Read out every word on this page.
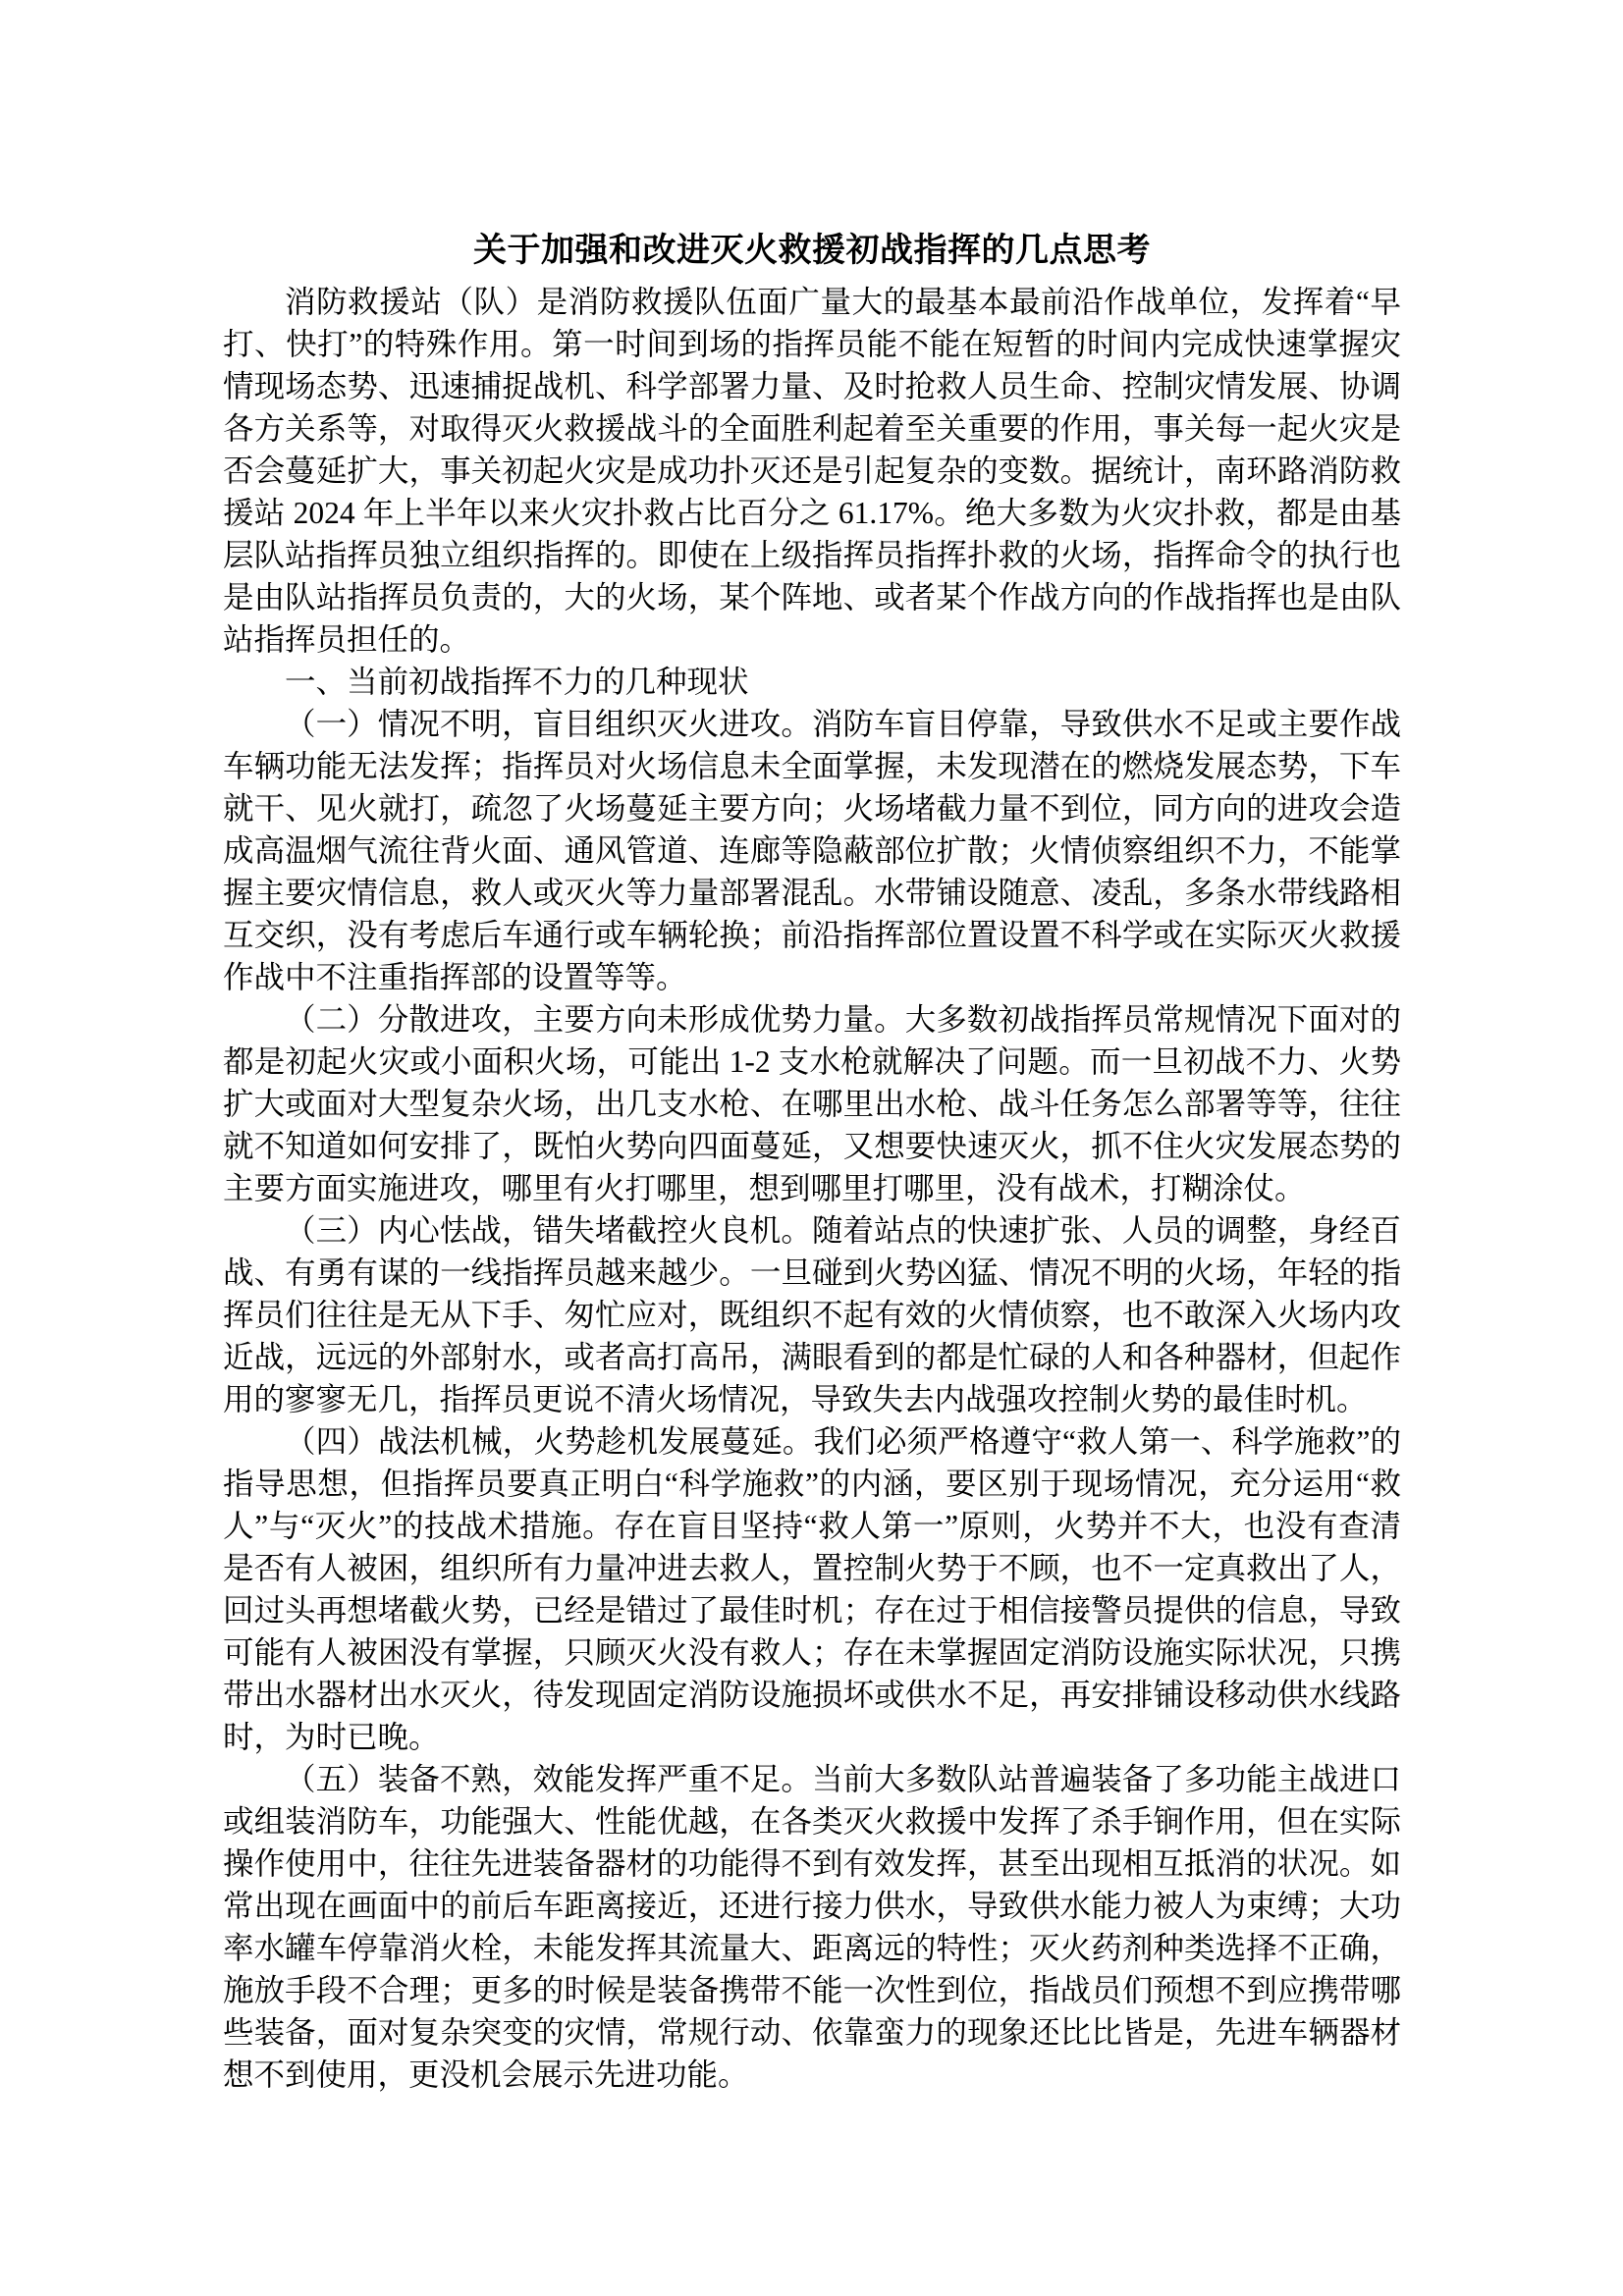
关于加强和改进灭火救援初战指挥的几点思考

消防救援站（队）是消防救援队伍面广量大的最基本最前沿作战单位，发挥着“早打、快打”的特殊作用。第一时间到场的指挥员能不能在短暂的时间内完成快速掌握灾情现场态势、迅速捕捉战机、科学部署力量、及时抢救人员生命、控制灾情发展、协调各方关系等，对取得灭火救援战斗的全面胜利起着至关重要的作用，事关每一起火灾是否会蔓延扩大，事关初起火灾是成功扑灭还是引起复杂的变数。据统计，南环路消防救援站 2024 年上半年以来火灾扑救占比百分之 61.17%。绝大多数为火灾扑救，都是由基层队站指挥员独立组织指挥的。即使在上级指挥员指挥扑救的火场，指挥命令的执行也是由队站指挥员负责的，大的火场，某个阵地、或者某个作战方向的作战指挥也是由队站指挥员担任的。

一、当前初战指挥不力的几种现状

（一）情况不明，盲目组织灭火进攻。消防车盲目停靠，导致供水不足或主要作战车辆功能无法发挥；指挥员对火场信息未全面掌握，未发现潜在的燃烧发展态势，下车就干、见火就打，疏忽了火场蔓延主要方向；火场堵截力量不到位，同方向的进攻会造成高温烟气流往背火面、通风管道、连廊等隐蔽部位扩散；火情侦察组织不力，不能掌握主要灾情信息，救人或灭火等力量部署混乱。水带铺设随意、凌乱，多条水带线路相互交织，没有考虑后车通行或车辆轮换；前沿指挥部位置设置不科学或在实际灭火救援作战中不注重指挥部的设置等等。

（二）分散进攻，主要方向未形成优势力量。大多数初战指挥员常规情况下面对的都是初起火灾或小面积火场，可能出 1-2 支水枪就解决了问题。而一旦初战不力、火势扩大或面对大型复杂火场，出几支水枪、在哪里出水枪、战斗任务怎么部署等等，往往就不知道如何安排了，既怕火势向四面蔓延，又想要快速灭火，抓不住火灾发展态势的主要方面实施进攻，哪里有火打哪里，想到哪里打哪里，没有战术，打糊涂仗。

（三）内心怯战，错失堵截控火良机。随着站点的快速扩张、人员的调整，身经百战、有勇有谋的一线指挥员越来越少。一旦碰到火势凶猛、情况不明的火场，年轻的指挥员们往往是无从下手、匆忙应对，既组织不起有效的火情侦察，也不敢深入火场内攻近战，远远的外部射水，或者高打高吊，满眼看到的都是忙碌的人和各种器材，但起作用的寥寥无几，指挥员更说不清火场情况，导致失去内战强攻控制火势的最佳时机。

（四）战法机械，火势趁机发展蔓延。我们必须严格遵守“救人第一、科学施救”的指导思想，但指挥员要真正明白“科学施救”的内涵，要区别于现场情况，充分运用“救人”与“灭火”的技战术措施。存在盲目坚持“救人第一”原则，火势并不大，也没有查清是否有人被困，组织所有力量冲进去救人，置控制火势于不顾，也不一定真救出了人，回过头再想堵截火势，已经是错过了最佳时机；存在过于相信接警员提供的信息，导致可能有人被困没有掌握，只顾灭火没有救人；存在未掌握固定消防设施实际状况，只携带出水器材出水灭火，待发现固定消防设施损坏或供水不足，再安排铺设移动供水线路时，为时已晚。

（五）装备不熟，效能发挥严重不足。当前大多数队站普遍装备了多功能主战进口或组装消防车，功能强大、性能优越，在各类灭火救援中发挥了杀手锏作用，但在实际操作使用中，往往先进装备器材的功能得不到有效发挥，甚至出现相互抵消的状况。如常出现在画面中的前后车距离接近，还进行接力供水，导致供水能力被人为束缚；大功率水罐车停靠消火栓，未能发挥其流量大、距离远的特性；灭火药剂种类选择不正确，施放手段不合理；更多的时候是装备携带不能一次性到位，指战员们预想不到应携带哪些装备，面对复杂突变的灾情，常规行动、依靠蛮力的现象还比比皆是，先进车辆器材想不到使用，更没机会展示先进功能。
